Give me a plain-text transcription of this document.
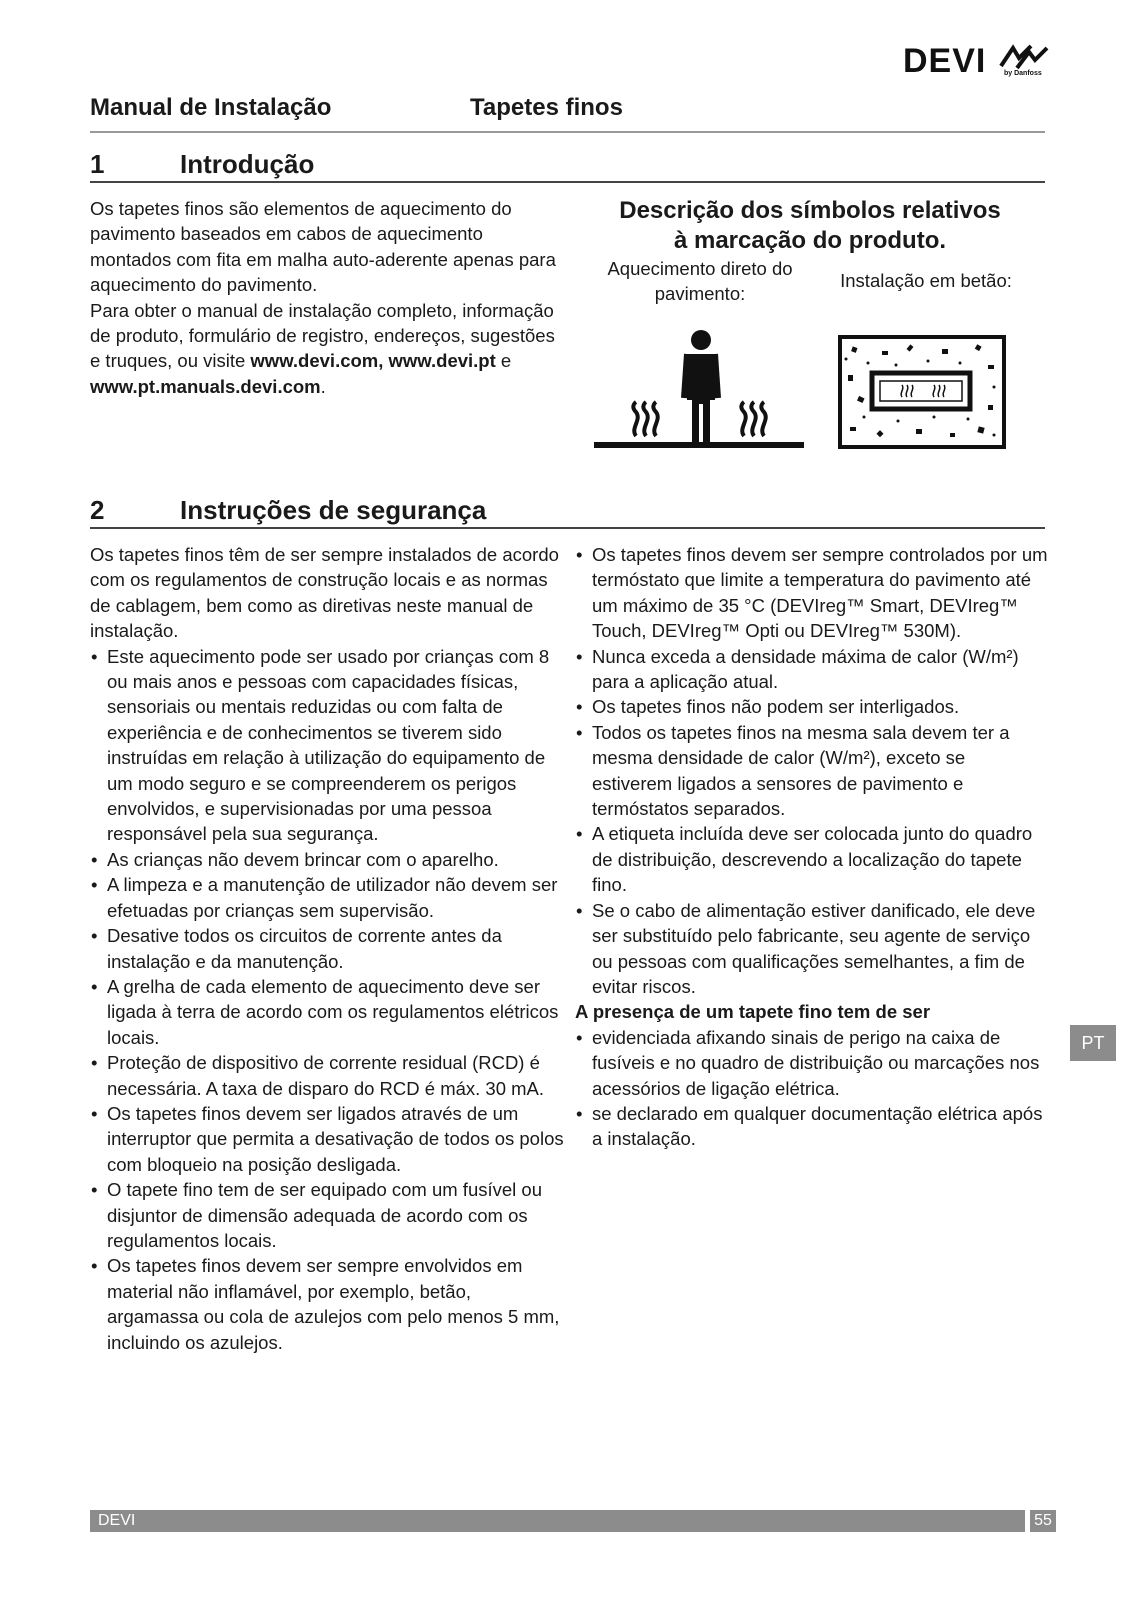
DEVI	by Danfoss
Manual de Instalação	Tapetes finos
1	Introdução

Os tapetes finos são elementos de aquecimento do pavimento baseados em cabos de aquecimento montados com fita em malha auto-aderente apenas para aquecimento do pavimento.

Para obter o manual de instalação completo, informação de produto, formulário de registro, endereços, sugestões e truques, ou visite www.devi.com, www.devi.pt e www.pt.manuals.devi.com.

Descrição dos símbolos relativos
à marcação do produto.
Aquecimento direto do pavimento:
Instalação em betão:
2	Instruções de segurança

Os tapetes finos têm de ser sempre instalados de acordo com os regulamentos de construção locais e as normas de cablagem, bem como as diretivas neste manual de instalação.

• Este aquecimento pode ser usado por crianças com 8 ou mais anos e pessoas com capacidades físicas, sensoriais ou mentais reduzidas ou com falta de experiência e de conhecimentos se tiverem sido instruídas em relação à utilização do equipamento de um modo seguro e se compreenderem os perigos envolvidos, e supervisionadas por uma pessoa responsável pela sua segurança.
• As crianças não devem brincar com o aparelho.
• A limpeza e a manutenção de utilizador não devem ser efetuadas por crianças sem supervisão.
• Desative todos os circuitos de corrente antes da instalação e da manutenção.
• A grelha de cada elemento de aquecimento deve ser ligada à terra de acordo com os regulamentos elétricos locais.
• Proteção de dispositivo de corrente residual (RCD) é necessária. A taxa de disparo do RCD é máx. 30 mA.
• Os tapetes finos devem ser ligados através de um interruptor que permita a desativação de todos os polos com bloqueio na posição desligada.
• O tapete fino tem de ser equipado com um fusível ou disjuntor de dimensão adequada de acordo com os regulamentos locais.
• Os tapetes finos devem ser sempre envolvidos em material não inflamável, por exemplo, betão, argamassa ou cola de azulejos com pelo menos 5 mm, incluindo os azulejos.
• Os tapetes finos devem ser sempre controlados por um termóstato que limite a temperatura do pavimento até um máximo de 35 °C (DEVIreg™ Smart, DEVIreg™ Touch, DEVIreg™ Opti ou DEVIreg™ 530M).
• Nunca exceda a densidade máxima de calor (W/m²) para a aplicação atual.
• Os tapetes finos não podem ser interligados.
• Todos os tapetes finos na mesma sala devem ter a mesma densidade de calor (W/m²), exceto se estiverem ligados a sensores de pavimento e termóstatos separados.
• A etiqueta incluída deve ser colocada junto do quadro de distribuição, descrevendo a localização do tapete fino.
• Se o cabo de alimentação estiver danificado, ele deve ser substituído pelo fabricante, seu agente de serviço ou pessoas com qualificações semelhantes, a fim de evitar riscos.

A presença de um tapete fino tem de ser

• evidenciada afixando sinais de perigo na caixa de fusíveis e no quadro de distribuição ou marcações nos acessórios de ligação elétrica.
• se declarado em qualquer documentação elétrica após a instalação.
PT
DEVI	55
